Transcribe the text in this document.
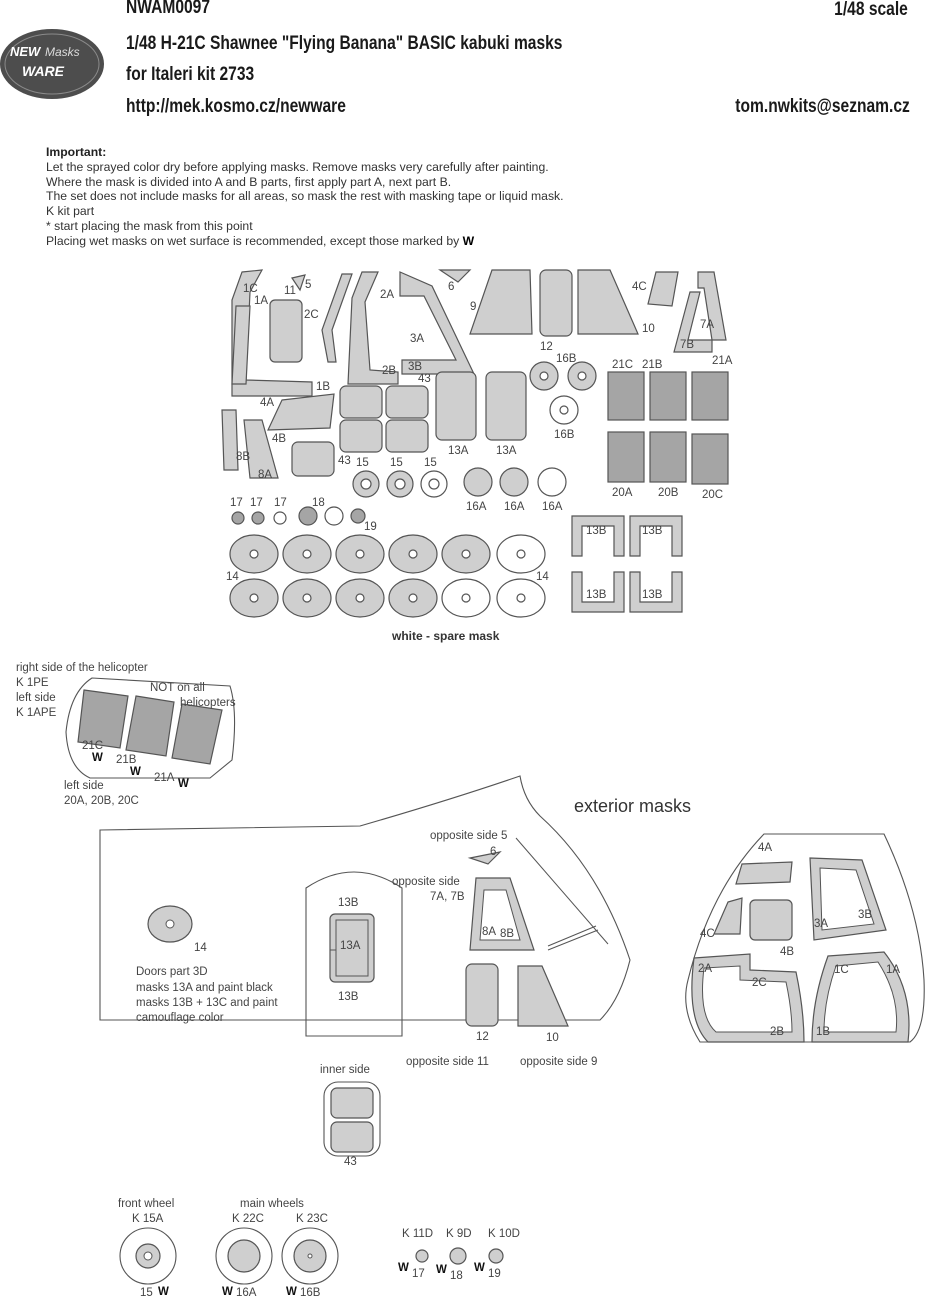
NEW Masks
WARE
NWAM0097	1/48 scale
1/48 H-21C Shawnee "Flying Banana" BASIC kabuki masks
for Italeri kit 2733
http://mek.kosmo.cz/newware	tom.nwkits@seznam.cz

Important:

Let the sprayed color dry before applying masks. Remove masks very carefully after painting.

Where the mask is divided into A and B parts, first apply part A, next part B.

The set does not include masks for all areas, so mask the rest with masking tape or liquid mask.

K kit part

* start placing the mask from this point

Placing wet masks on wet surface is recommended, except those marked by W

1C 11 5
1A
2C
2A
6
9
4C
3A
12
10	7A
7B
3B
16B	21C 21B	21A
43
1B
2B
4A
16B
4B
13A 13A
8B	43 15 15 15
8A
20A 20B 20C
16A 16A 16A
17 17 17 18
19	13B	13B
14	14
13B	13B
white - spare mask
right side of the helicopter
K 1PE
left side
K 1APE
NOT on all
helicopters
21C
W 21B
W 21A W
left side
20A, 20B, 20C	exterior masks
opposite side 5
6
opposite side
7A, 7B
8A 8B
12	10
opposite side 11	opposite side 9
14
13B
13A
13B
Doors part 3D
masks 13A and paint black
masks 13B + 13C and paint
camouflage color
inner side
43
4A
4C
4B
3A
3B
2A
2C
2B
1C	1A
1B
front wheel
K 15A
main wheels
K 22C	K 23C
15 W	W 16A	W 16B
K 11D K 9D K 10D
W 17 W 18
W 19
